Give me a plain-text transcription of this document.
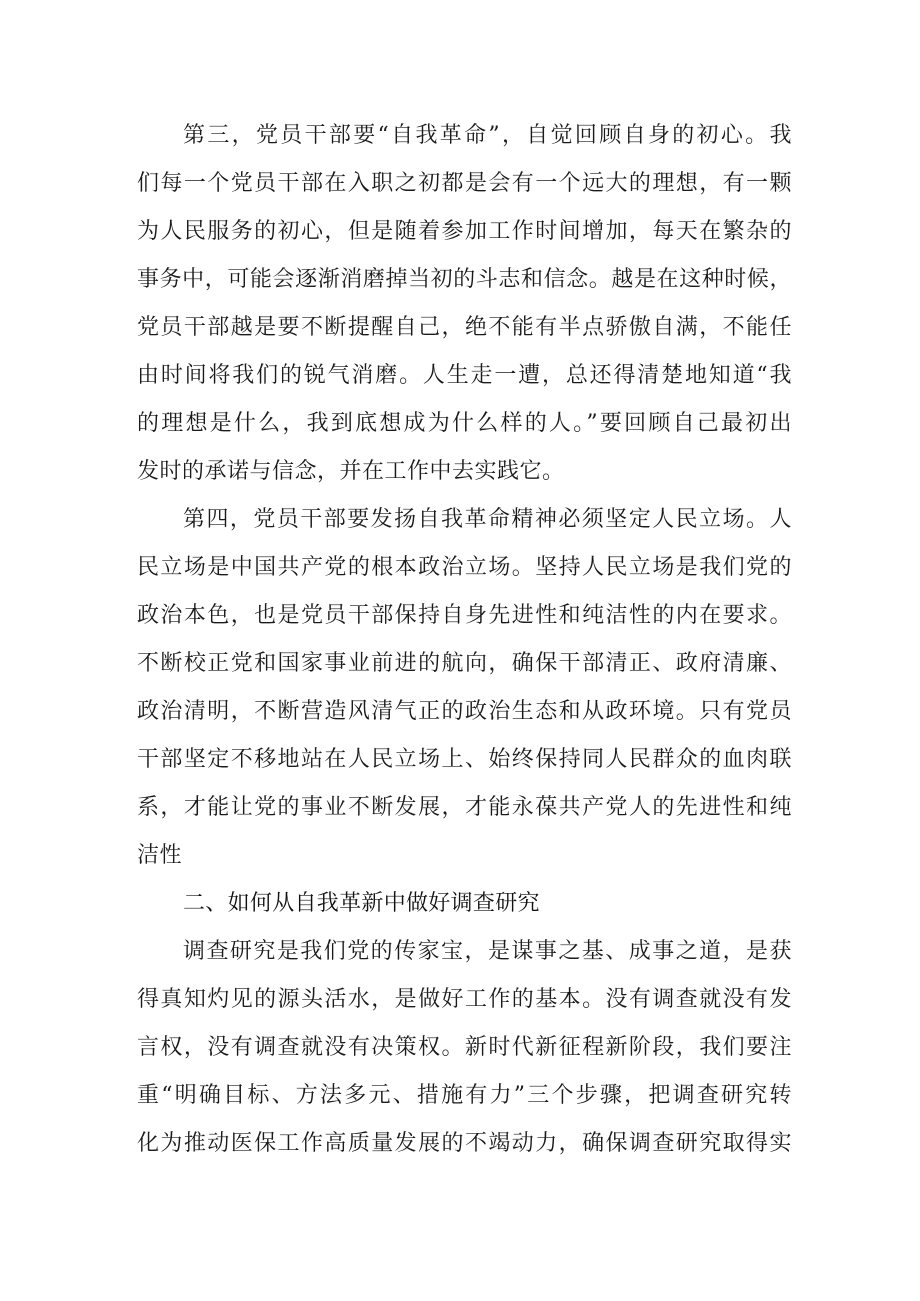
第三，党员干部要“自我革命”，自觉回顾自身的初心。我
们每一个党员干部在入职之初都是会有一个远大的理想，有一颗
为人民服务的初心，但是随着参加工作时间增加，每天在繁杂的
事务中，可能会逐渐消磨掉当初的斗志和信念。越是在这种时候，
党员干部越是要不断提醒自己，绝不能有半点骄傲自满，不能任
由时间将我们的锐气消磨。人生走一遭，总还得清楚地知道“我
的理想是什么，我到底想成为什么样的人。”要回顾自己最初出
发时的承诺与信念，并在工作中去实践它。
第四，党员干部要发扬自我革命精神必须坚定人民立场。人
民立场是中国共产党的根本政治立场。坚持人民立场是我们党的
政治本色，也是党员干部保持自身先进性和纯洁性的内在要求。
不断校正党和国家事业前进的航向，确保干部清正、政府清廉、
政治清明，不断营造风清气正的政治生态和从政环境。只有党员
干部坚定不移地站在人民立场上、始终保持同人民群众的血肉联
系，才能让党的事业不断发展，才能永葆共产党人的先进性和纯
洁性
二、如何从自我革新中做好调查研究
调查研究是我们党的传家宝，是谋事之基、成事之道，是获
得真知灼见的源头活水，是做好工作的基本。没有调查就没有发
言权，没有调查就没有决策权。新时代新征程新阶段，我们要注
重“明确目标、方法多元、措施有力”三个步骤，把调查研究转
化为推动医保工作高质量发展的不竭动力，确保调查研究取得实
